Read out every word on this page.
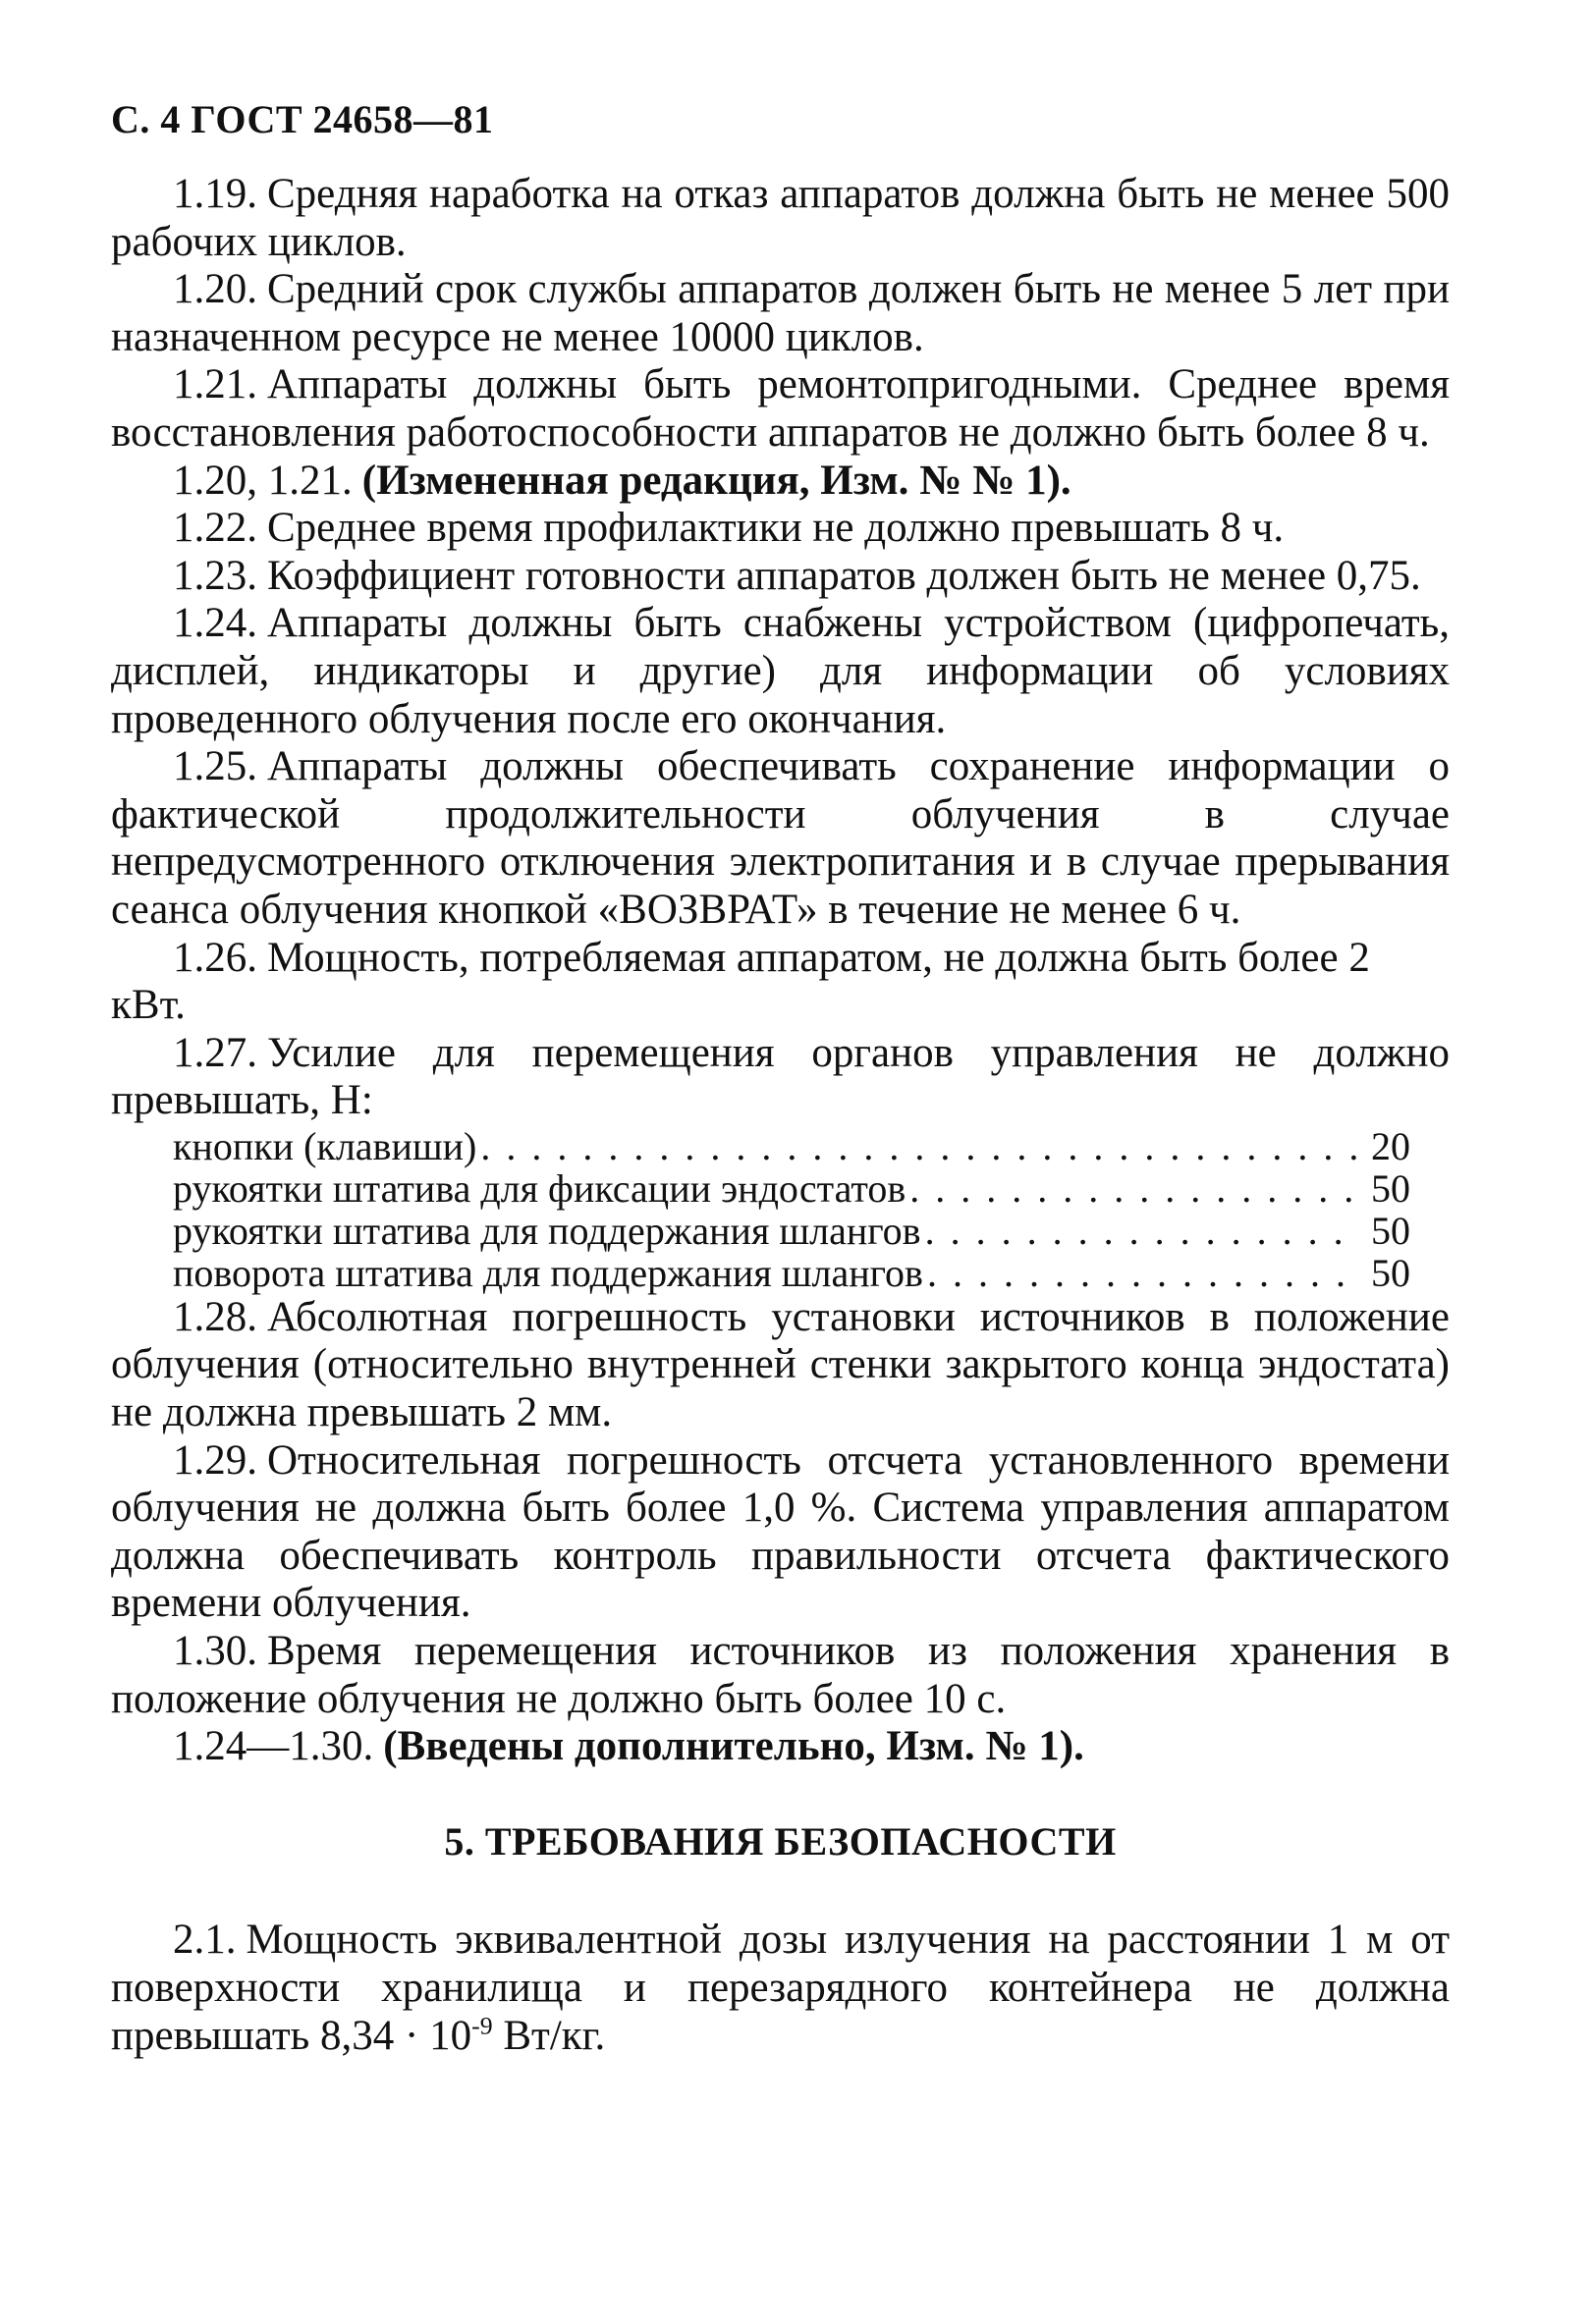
С. 4 ГОСТ 24658—81
1.19. Средняя наработка на отказ аппаратов должна быть не менее 500 рабочих циклов.
1.20. Средний срок службы аппаратов должен быть не менее 5 лет при назначенном ресурсе не менее 10000 циклов.
1.21. Аппараты должны быть ремонтопригодными. Среднее время восстановления работоспособности аппаратов не должно быть более 8 ч.
1.20, 1.21. (Измененная редакция, Изм. № № 1).
1.22. Среднее время профилактики не должно превышать 8 ч.
1.23. Коэффициент готовности аппаратов должен быть не менее 0,75.
1.24. Аппараты должны быть снабжены устройством (цифропечать, дисплей, индикаторы и другие) для информации об условиях проведенного облучения после его окончания.
1.25. Аппараты должны обеспечивать сохранение информации о фактической продолжительности облучения в случае непредусмотренного отключения электропитания и в случае прерывания сеанса облучения кнопкой «ВОЗВРАТ» в течение не менее 6 ч.
1.26. Мощность, потребляемая аппаратом, не должна быть более 2 кВт.
1.27. Усилие для перемещения органов управления не должно превышать, Н:
кнопки (клавиши) . . .	20
рукоятки штатива для фиксации эндостатов . . .	50
рукоятки штатива для поддержания шлангов . . .	50
поворота штатива для поддержания шлангов . . .	50
1.28. Абсолютная погрешность установки источников в положение облучения (относительно внутренней стенки закрытого конца эндостата) не должна превышать 2 мм.
1.29. Относительная погрешность отсчета установленного времени облучения не должна быть более 1,0 %. Система управления аппаратом должна обеспечивать контроль правильности отсчета фактического времени облучения.
1.30. Время перемещения источников из положения хранения в положение облучения не должно быть более 10 с.
1.24—1.30. (Введены дополнительно, Изм. № 1).
5. ТРЕБОВАНИЯ БЕЗОПАСНОСТИ
2.1. Мощность эквивалентной дозы излучения на расстоянии 1 м от поверхности хранилища и перезарядного контейнера не должна превышать $8,34 \cdot 10^{-9}$ Вт/кг.
